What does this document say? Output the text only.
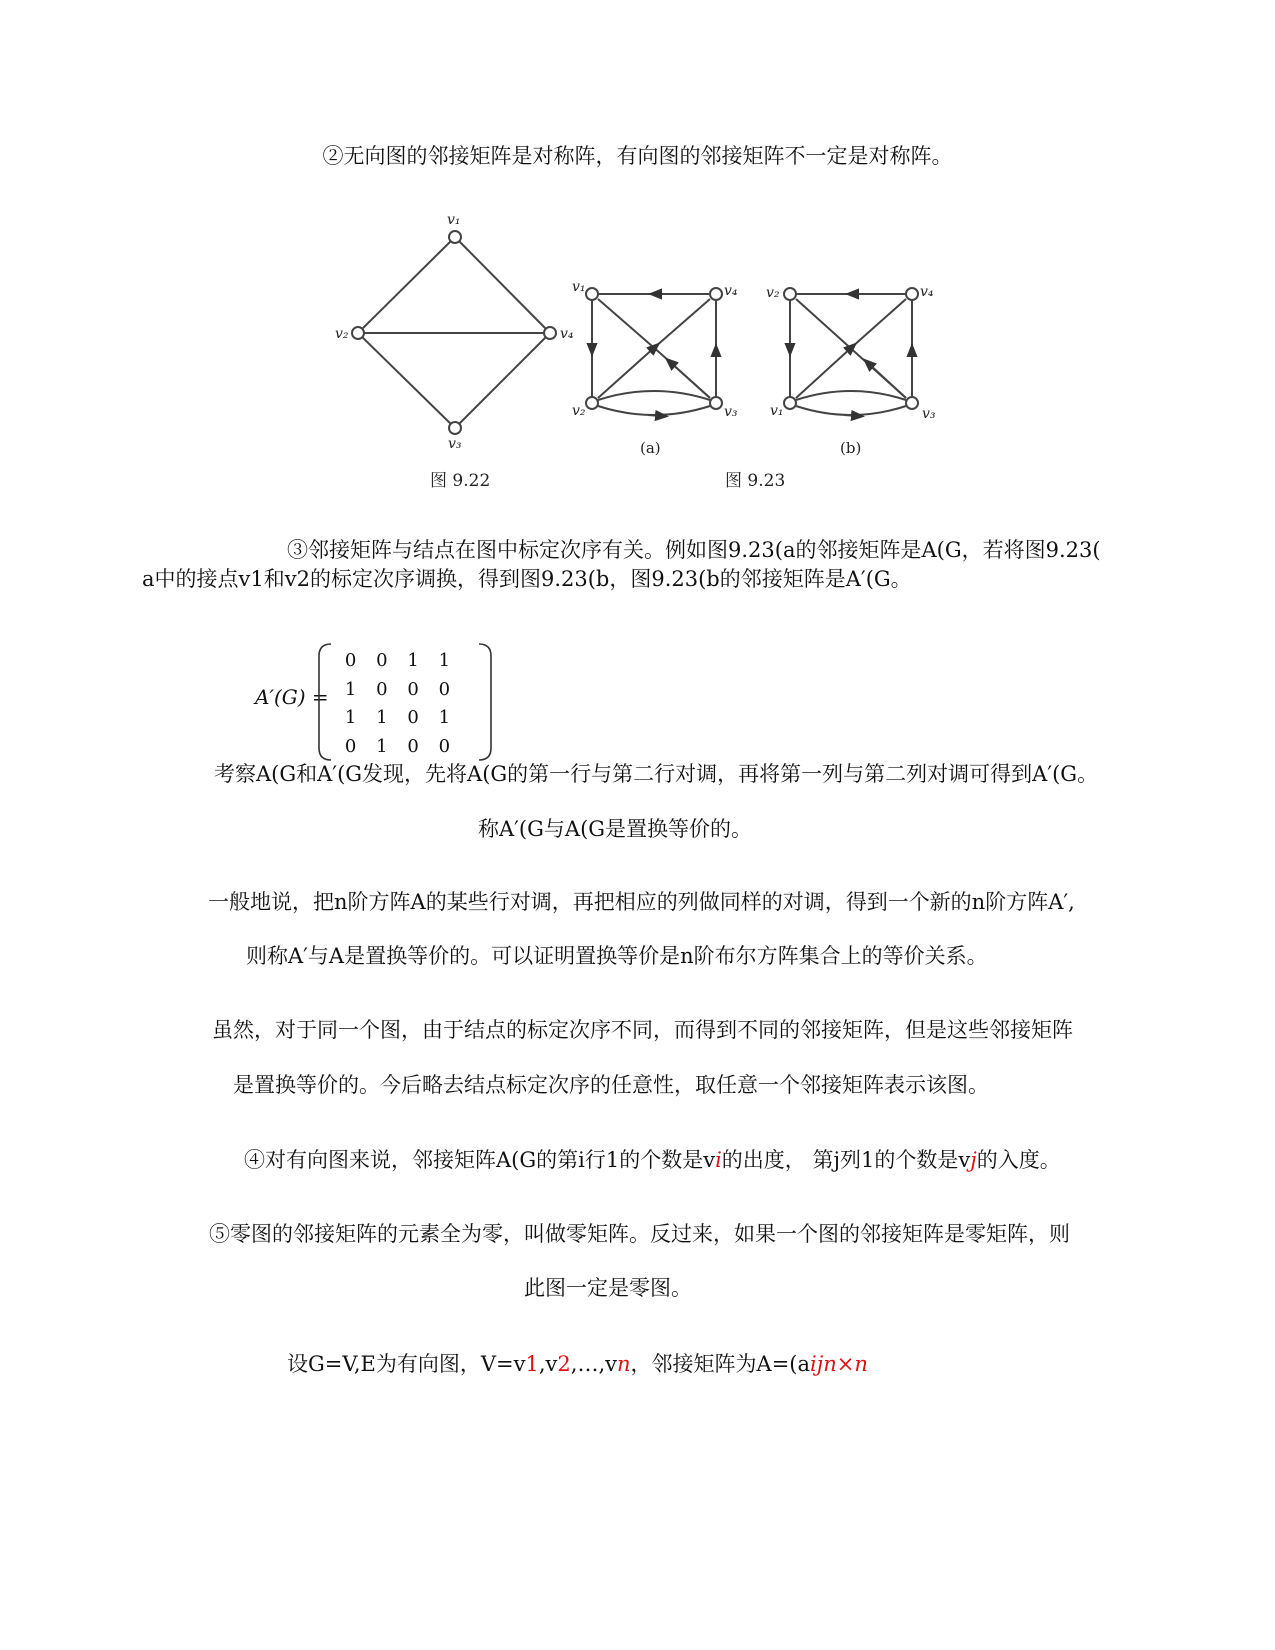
②无向图的邻接矩阵是对称阵，有向图的邻接矩阵不一定是对称阵。
v₁
v₂	v₄
v₃
v₁	v₄
v₂	v₃
(a)
v₂	v₄
v₁	v₃
(b)
图 9.22	图 9.23
③邻接矩阵与结点在图中标定次序有关。例如图9.23(a的邻接矩阵是A(G，若将图9.23(
a中的接点v1和v2的标定次序调换，得到图9.23(b，图9.23(b的邻接矩阵是A′(G。
A′(G) =
0	0	1	1
1	0	0	0
1	1	0	1
0	1	0	0
考察A(G和A′(G发现，先将A(G的第一行与第二行对调，再将第一列与第二列对调可得到A′(G。
称A′(G与A(G是置换等价的。
一般地说，把n阶方阵A的某些行对调，再把相应的列做同样的对调，得到一个新的n阶方阵A′,
则称A′与A是置换等价的。可以证明置换等价是n阶布尔方阵集合上的等价关系。
虽然，对于同一个图，由于结点的标定次序不同，而得到不同的邻接矩阵，但是这些邻接矩阵
是置换等价的。今后略去结点标定次序的任意性，取任意一个邻接矩阵表示该图。
④对有向图来说，邻接矩阵A(G的第i行1的个数是vi的出度， 第j列1的个数是vj的入度。
⑤零图的邻接矩阵的元素全为零，叫做零矩阵。反过来，如果一个图的邻接矩阵是零矩阵，则
此图一定是零图。
设G=V,E为有向图，V=v1,v2,…,vn，邻接矩阵为A=(aijn×n
